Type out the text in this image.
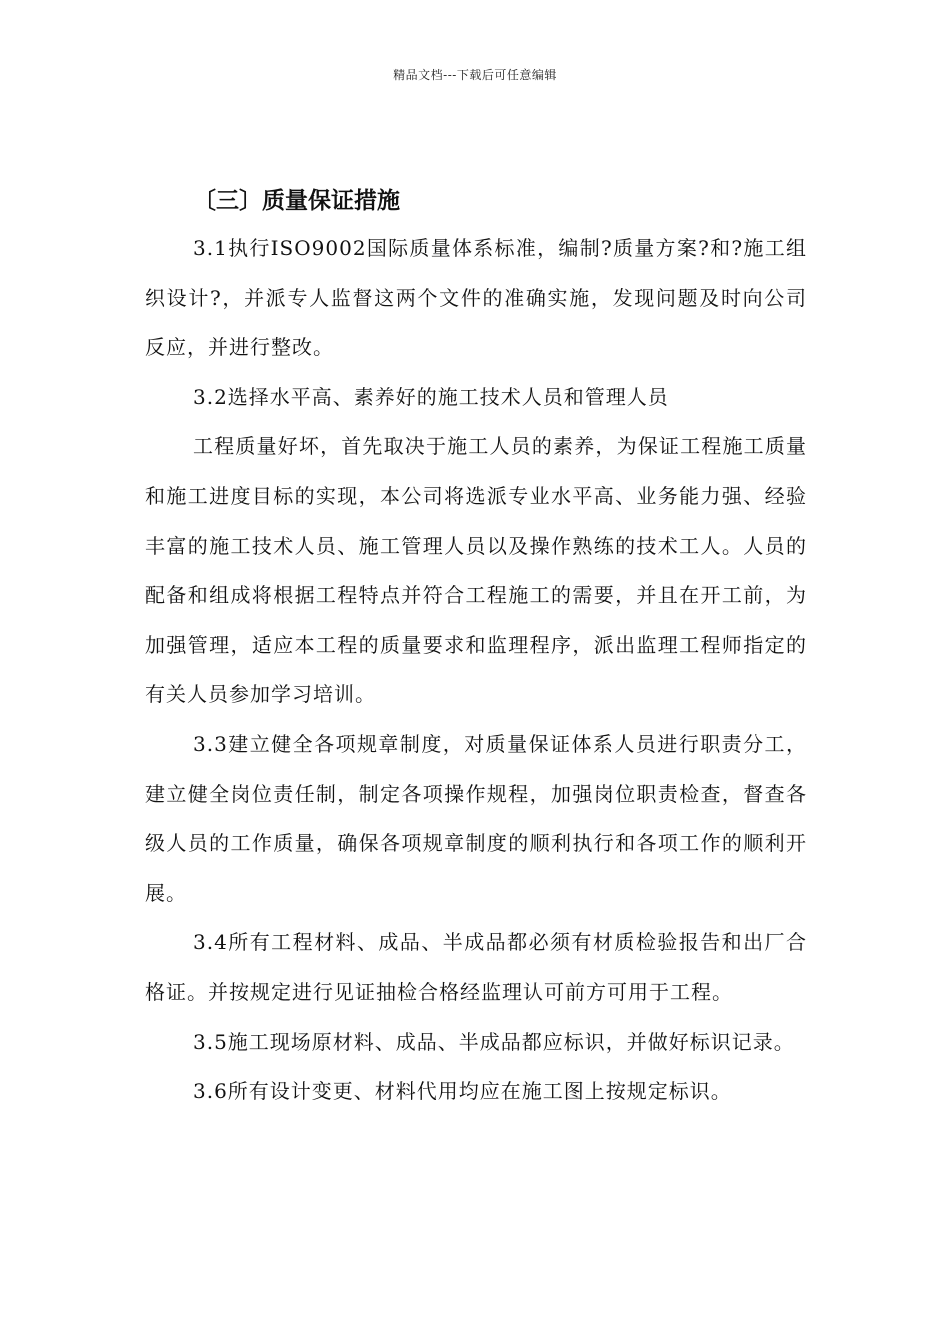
精品文档---下载后可任意编辑
〔三〕质量保证措施

3.1执行ISO9002国际质量体系标准，编制?质量方案?和?施工组织设计?，并派专人监督这两个文件的准确实施，发现问题及时向公司反应，并进行整改。

3.2选择水平高、素养好的施工技术人员和管理人员

工程质量好坏，首先取决于施工人员的素养，为保证工程施工质量和施工进度目标的实现，本公司将选派专业水平高、业务能力强、经验丰富的施工技术人员、施工管理人员以及操作熟练的技术工人。人员的配备和组成将根据工程特点并符合工程施工的需要，并且在开工前，为加强管理，适应本工程的质量要求和监理程序，派出监理工程师指定的有关人员参加学习培训。

3.3建立健全各项规章制度，对质量保证体系人员进行职责分工，建立健全岗位责任制，制定各项操作规程，加强岗位职责检查，督查各级人员的工作质量，确保各项规章制度的顺利执行和各项工作的顺利开展。

3.4所有工程材料、成品、半成品都必须有材质检验报告和出厂合格证。并按规定进行见证抽检合格经监理认可前方可用于工程。

3.5施工现场原材料、成品、半成品都应标识，并做好标识记录。

3.6所有设计变更、材料代用均应在施工图上按规定标识。
